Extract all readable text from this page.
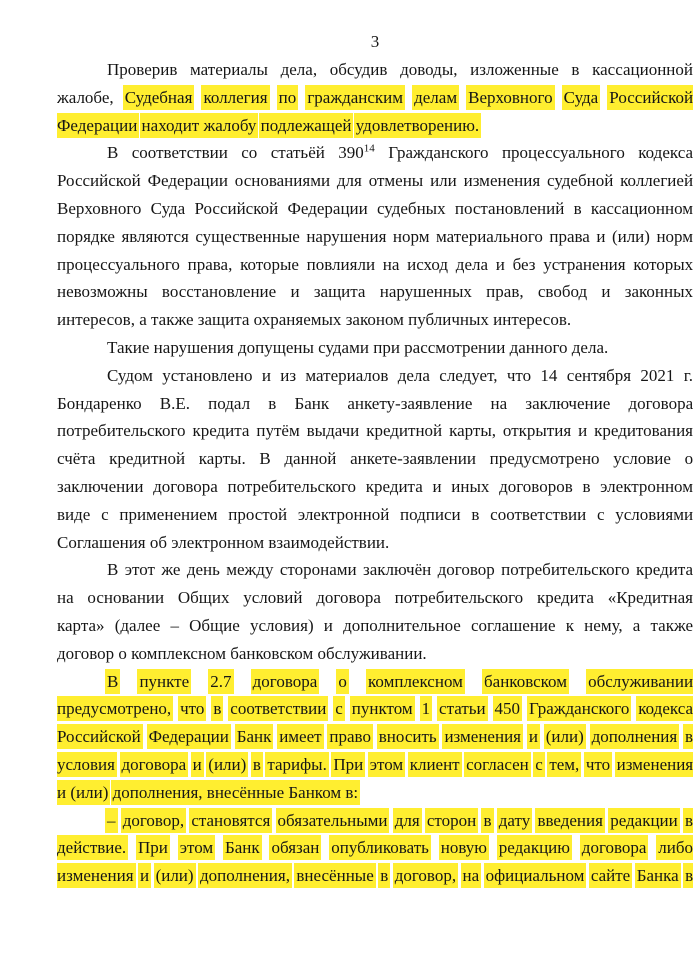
3
Проверив материалы дела, обсудив доводы, изложенные в кассационной
жалобе, Судебная коллегия по гражданским делам Верховного Суда Российской
Федерации находит жалобу подлежащей удовлетворению.
В соответствии со статьёй $390^{14}$ Гражданского процессуального кодекса
Российской Федерации основаниями для отмены или изменения судебной коллегией
Верховного Суда Российской Федерации судебных постановлений в кассационном
порядке являются существенные нарушения норм материального права и (или) норм
процессуального права, которые повлияли на исход дела и без устранения которых
невозможны восстановление и защита нарушенных прав, свобод и законных
интересов, а также защита охраняемых законом публичных интересов.
Такие нарушения допущены судами при рассмотрении данного дела.
Судом установлено и из материалов дела следует, что 14 сентября 2021 г.
Бондаренко В.Е. подал в Банк анкету-заявление на заключение договора
потребительского кредита путём выдачи кредитной карты, открытия и кредитования
счёта кредитной карты. В данной анкете-заявлении предусмотрено условие о
заключении договора потребительского кредита и иных договоров в электронном
виде с применением простой электронной подписи в соответствии с условиями
Соглашения об электронном взаимодействии.
В этот же день между сторонами заключён договор потребительского кредита
на основании Общих условий договора потребительского кредита «Кредитная
карта» (далее – Общие условия) и дополнительное соглашение к нему, а также
договор о комплексном банковском обслуживании.
В пункте 2.7 договора о комплексном банковском обслуживании
предусмотрено, что в соответствии с пунктом 1 статьи 450 Гражданского кодекса
Российской Федерации Банк имеет право вносить изменения и (или) дополнения в
условия договора и (или) в тарифы. При этом клиент согласен с тем, что изменения
и (или) дополнения, внесённые Банком в:
– договор, становятся обязательными для сторон в дату введения редакции в
действие. При этом Банк обязан опубликовать новую редакцию договора либо
изменения и (или) дополнения, внесённые в договор, на официальном сайте Банка в
